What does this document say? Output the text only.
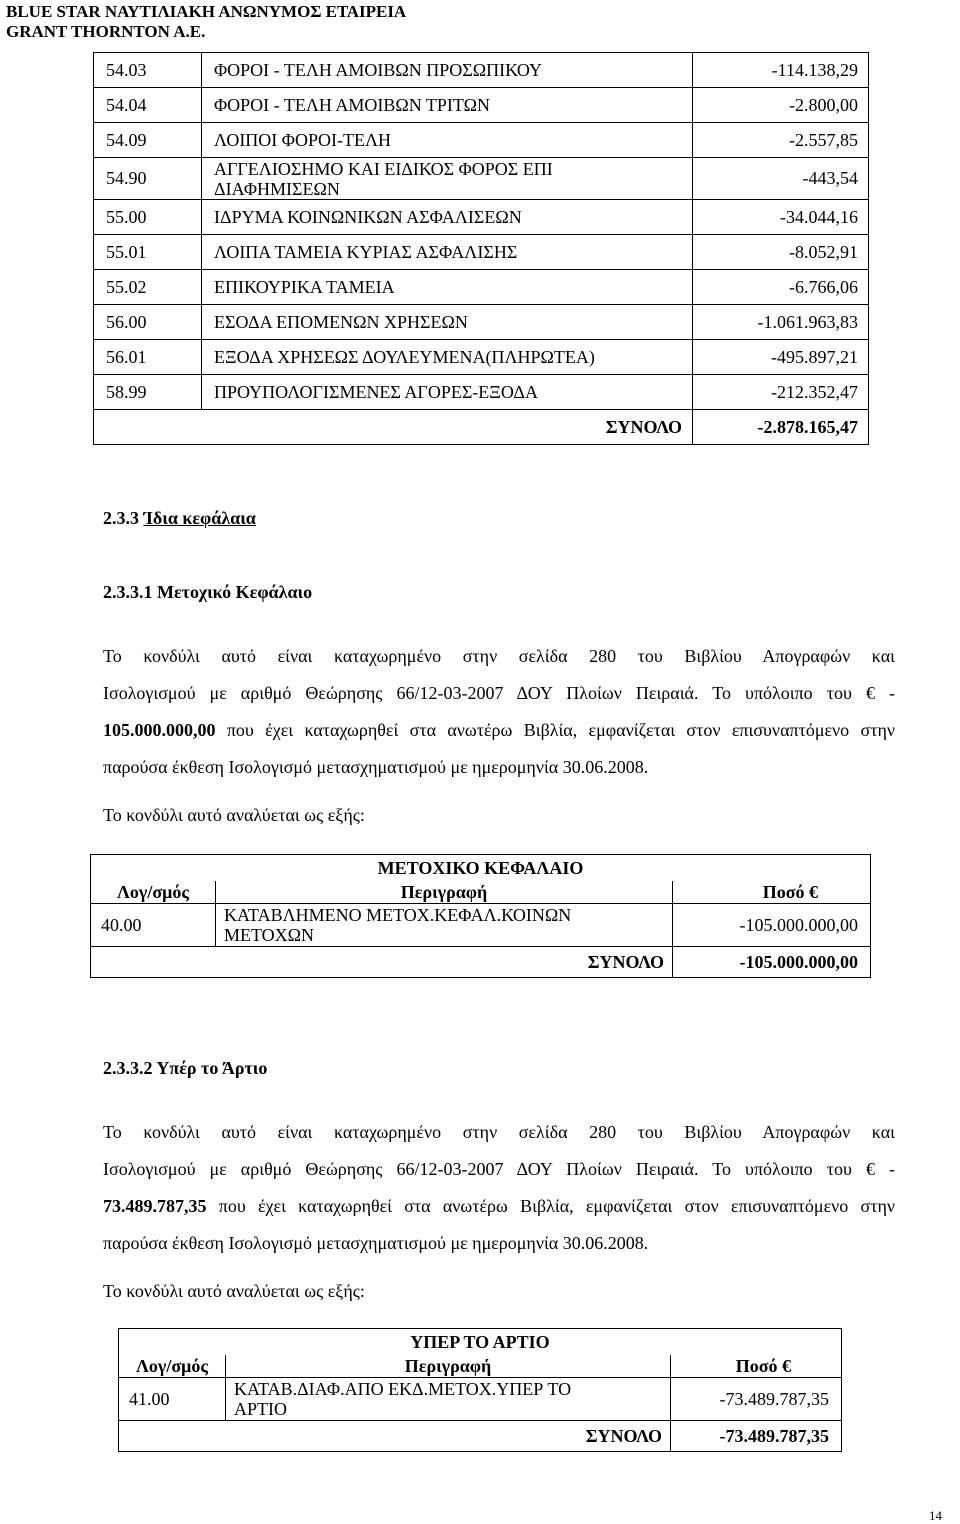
BLUE STAR ΝΑΥΤΙΛΙΑΚΗ ΑΝΩΝΥΜΟΣ ΕΤΑΙΡΕΙΑ
GRANT THORNTON A.E.
54.03	ΦΟΡΟΙ - ΤΕΛΗ ΑΜΟΙΒΩΝ ΠΡΟΣΩΠΙΚΟΥ	-114.138,29
54.04	ΦΟΡΟΙ - ΤΕΛΗ ΑΜΟΙΒΩΝ ΤΡΙΤΩΝ	-2.800,00
54.09	ΛΟΙΠΟΙ ΦΟΡΟΙ-ΤΕΛΗ	-2.557,85
54.90	ΑΓΓΕΛΙΟΣΗΜΟ ΚΑΙ ΕΙΔΙΚΟΣ ΦΟΡΟΣ ΕΠΙ
ΔΙΑΦΗΜΙΣΕΩΝ	-443,54
55.00	ΙΔΡΥΜΑ ΚΟΙΝΩΝΙΚΩΝ ΑΣΦΑΛΙΣΕΩΝ	-34.044,16
55.01	ΛΟΙΠΑ ΤΑΜΕΙΑ ΚΥΡΙΑΣ ΑΣΦΑΛΙΣΗΣ	-8.052,91
55.02	ΕΠΙΚΟΥΡΙΚΑ ΤΑΜΕΙΑ	-6.766,06
56.00	ΕΣΟΔΑ ΕΠΟΜΕΝΩΝ ΧΡΗΣΕΩΝ	-1.061.963,83
56.01	ΕΞΟΔΑ ΧΡΗΣΕΩΣ ΔΟΥΛΕΥΜΕΝΑ(ΠΛΗΡΩΤΕΑ)	-495.897,21
58.99	ΠΡΟΥΠΟΛΟΓΙΣΜΕΝΕΣ ΑΓΟΡΕΣ-ΕΞΟΔΑ	-212.352,47
ΣΥΝΟΛΟ		-2.878.165,47
2.3.3 Ίδια κεφάλαια
2.3.3.1 Μετοχικό Κεφάλαιο
Το κονδύλι αυτό είναι καταχωρημένο στην σελίδα 280 του Βιβλίου Απογραφών και
Ισολογισμού με αριθμό Θεώρησης 66/12-03-2007 ΔΟΥ Πλοίων Πειραιά. Το υπόλοιπο του € -
105.000.000,00 που έχει καταχωρηθεί στα ανωτέρω Βιβλία, εμφανίζεται στον επισυναπτόμενο στην
παρούσα έκθεση Ισολογισμό μετασχηματισμού με ημερομηνία 30.06.2008.
Το κονδύλι αυτό αναλύεται ως εξής:
ΜΕΤΟΧΙΚΟ ΚΕΦΑΛΑΙΟ		
Λογ/σμός	Περιγραφή	Ποσό €
40.00	ΚΑΤΑΒΛΗΜΕΝΟ ΜΕΤΟΧ.ΚΕΦΑΛ.ΚΟΙΝΩΝ
ΜΕΤΟΧΩΝ	-105.000.000,00
ΣΥΝΟΛΟ		-105.000.000,00
2.3.3.2 Υπέρ το Άρτιο
Το κονδύλι αυτό είναι καταχωρημένο στην σελίδα 280 του Βιβλίου Απογραφών και
Ισολογισμού με αριθμό Θεώρησης 66/12-03-2007 ΔΟΥ Πλοίων Πειραιά. Το υπόλοιπο του € -
73.489.787,35 που έχει καταχωρηθεί στα ανωτέρω Βιβλία, εμφανίζεται στον επισυναπτόμενο στην
παρούσα έκθεση Ισολογισμό μετασχηματισμού με ημερομηνία 30.06.2008.
Το κονδύλι αυτό αναλύεται ως εξής:
ΥΠΕΡ ΤΟ ΑΡΤΙΟ		
Λογ/σμός	Περιγραφή	Ποσό €
41.00	ΚΑΤΑΒ.ΔΙΑΦ.ΑΠΟ ΕΚΔ.ΜΕΤΟΧ.ΥΠΕΡ ΤΟ
ΑΡΤΙΟ	-73.489.787,35
ΣΥΝΟΛΟ		-73.489.787,35
14
